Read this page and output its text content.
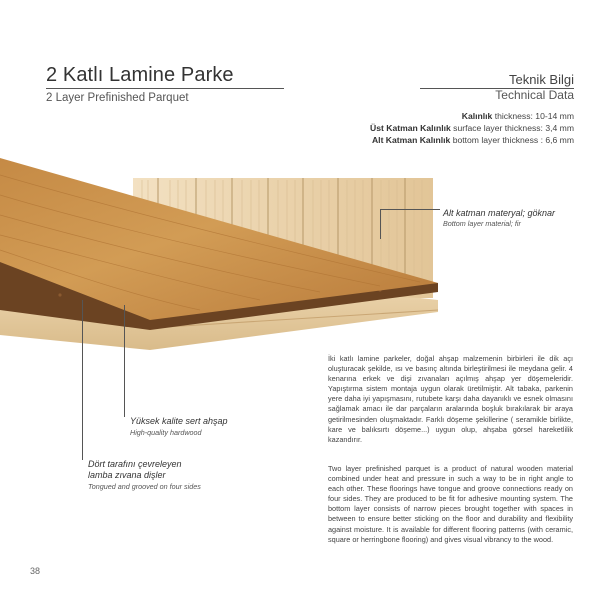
2 Katlı Lamine Parke
2 Layer Prefinished Parquet
Teknik Bilgi
Technical Data
Kalınlık thickness: 10-14 mm
Üst Katman Kalınlık surface layer thickness: 3,4 mm
Alt Katman Kalınlık bottom layer thickness : 6,6 mm
Alt katman materyal; göknar
Bottom layer material; fir
Yüksek kalite sert ahşap
High-quality hardwood
Dört tarafını çevreleyen
lamba zıvana dişler
Tongued and grooved on four sides
İki katlı lamine parkeler, doğal ahşap malzemenin birbirleri ile dik açı oluşturacak şekilde, ısı ve basınç altında birleştirilmesi ile meydana gelir. 4 kenarına erkek ve dişi zıvanaları açılmış ahşap yer döşemeleridir. Yapıştırma sistem montaja uygun olarak üretilmiştir. Alt tabaka, parkenin yere daha iyi yapışmasını, rutubete karşı daha dayanıklı ve esnek olmasını sağlamak amacı ile dar parçaların aralarında boşluk bırakılarak bir araya getirilmesinden oluşmaktadır. Farklı döşeme şekillerine ( seramikle birlikte, kare ve balıksırtı döşeme...) uygun olup, ahşaba görsel hareketlilik kazandırır.
Two layer prefinished parquet is a product of natural wooden material combined under heat and pressure in such a way to be in right angle to each other. These floorings have tongue and groove connections ready on four sides. They are produced to be fit for adhesive mounting system. The bottom layer consists of narrow pieces brought together with spaces in between to ensure better sticking on the floor and durability and flexibility against moisture. It is available for different flooring patterns (with ceramic, square or herringbone flooring) and gives visual vibrancy to the wood.
38
